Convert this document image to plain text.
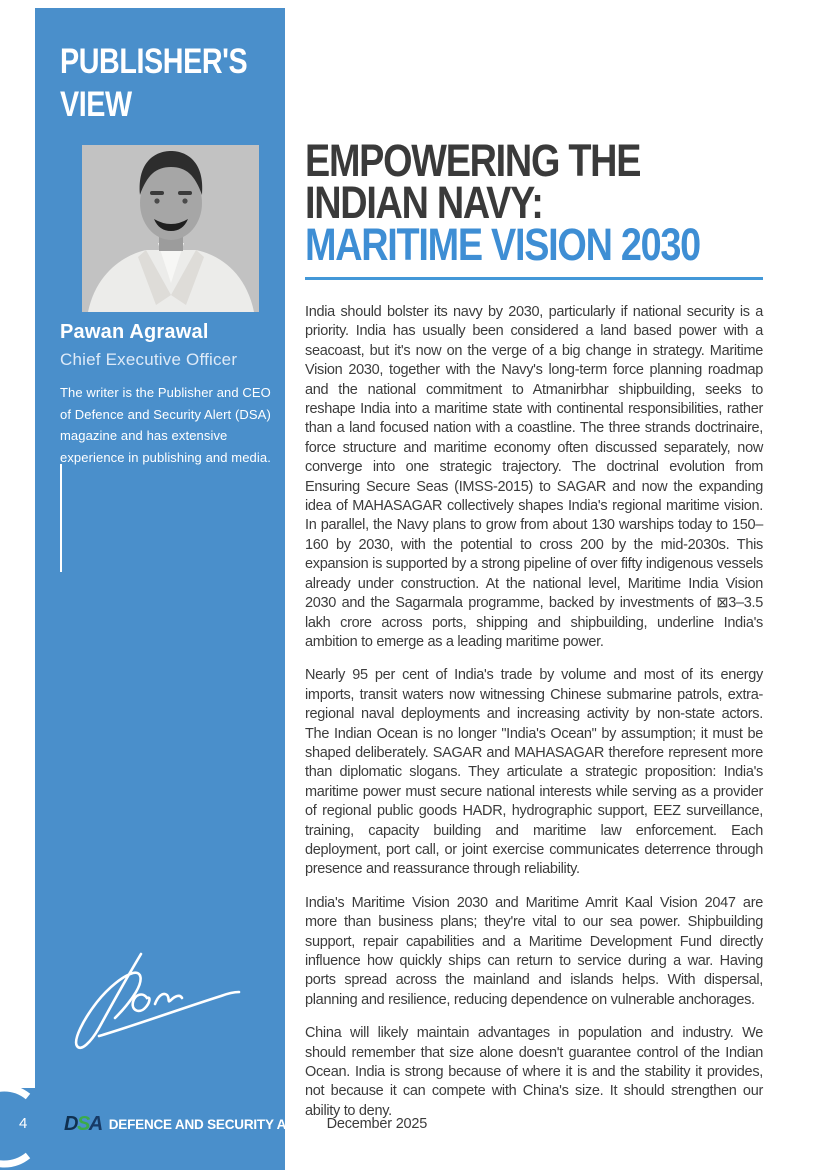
PUBLISHER'S
VIEW
Pawan Agrawal
Chief Executive Officer
The writer is the Publisher and CEO of Defence and Security Alert (DSA) magazine and has extensive experience in publishing and media.
EMPOWERING THE
INDIAN NAVY:
MARITIME VISION 2030

India should bolster its navy by 2030, particularly if national security is a priority. India has usually been considered a land based power with a seacoast, but it's now on the verge of a big change in strategy. Maritime Vision 2030, together with the Navy's long-term force planning roadmap and the national commitment to Atmanirbhar shipbuilding, seeks to reshape India into a maritime state with continental responsibilities, rather than a land focused nation with a coastline. The three strands doctrinaire, force structure and maritime economy often discussed separately, now converge into one strategic trajectory. The doctrinal evolution from Ensuring Secure Seas (IMSS-2015) to SAGAR and now the expanding idea of MAHASAGAR collectively shapes India's regional maritime vision. In parallel, the Navy plans to grow from about 130 warships today to 150–160 by 2030, with the potential to cross 200 by the mid-2030s. This expansion is supported by a strong pipeline of over fifty indigenous vessels already under construction. At the national level, Maritime India Vision 2030 and the Sagarmala programme, backed by investments of ⊠3–3.5 lakh crore across ports, shipping and shipbuilding, underline India's ambition to emerge as a leading maritime power.

Nearly 95 per cent of India's trade by volume and most of its energy imports, transit waters now witnessing Chinese submarine patrols, extra-regional naval deployments and increasing activity by non-state actors. The Indian Ocean is no longer "India's Ocean" by assumption; it must be shaped deliberately. SAGAR and MAHASAGAR therefore represent more than diplomatic slogans. They articulate a strategic proposition: India's maritime power must secure national interests while serving as a provider of regional public goods HADR, hydrographic support, EEZ surveillance, training, capacity building and maritime law enforcement. Each deployment, port call, or joint exercise communicates deterrence through presence and reassurance through reliability.

India's Maritime Vision 2030 and Maritime Amrit Kaal Vision 2047 are more than business plans; they're vital to our sea power. Shipbuilding support, repair capabilities and a Maritime Development Fund directly influence how quickly ships can return to service during a war. Having ports spread across the mainland and islands helps. With dispersal, planning and resilience, reducing dependence on vulnerable anchorages.

China will likely maintain advantages in population and industry. We should remember that size alone doesn't guarantee control of the Indian Ocean. India is strong because of where it is and the stability it provides, not because it can compete with China's size. It should strengthen our ability to deny.

4 DSA DEFENCE AND SECURITY ALERT December 2025
